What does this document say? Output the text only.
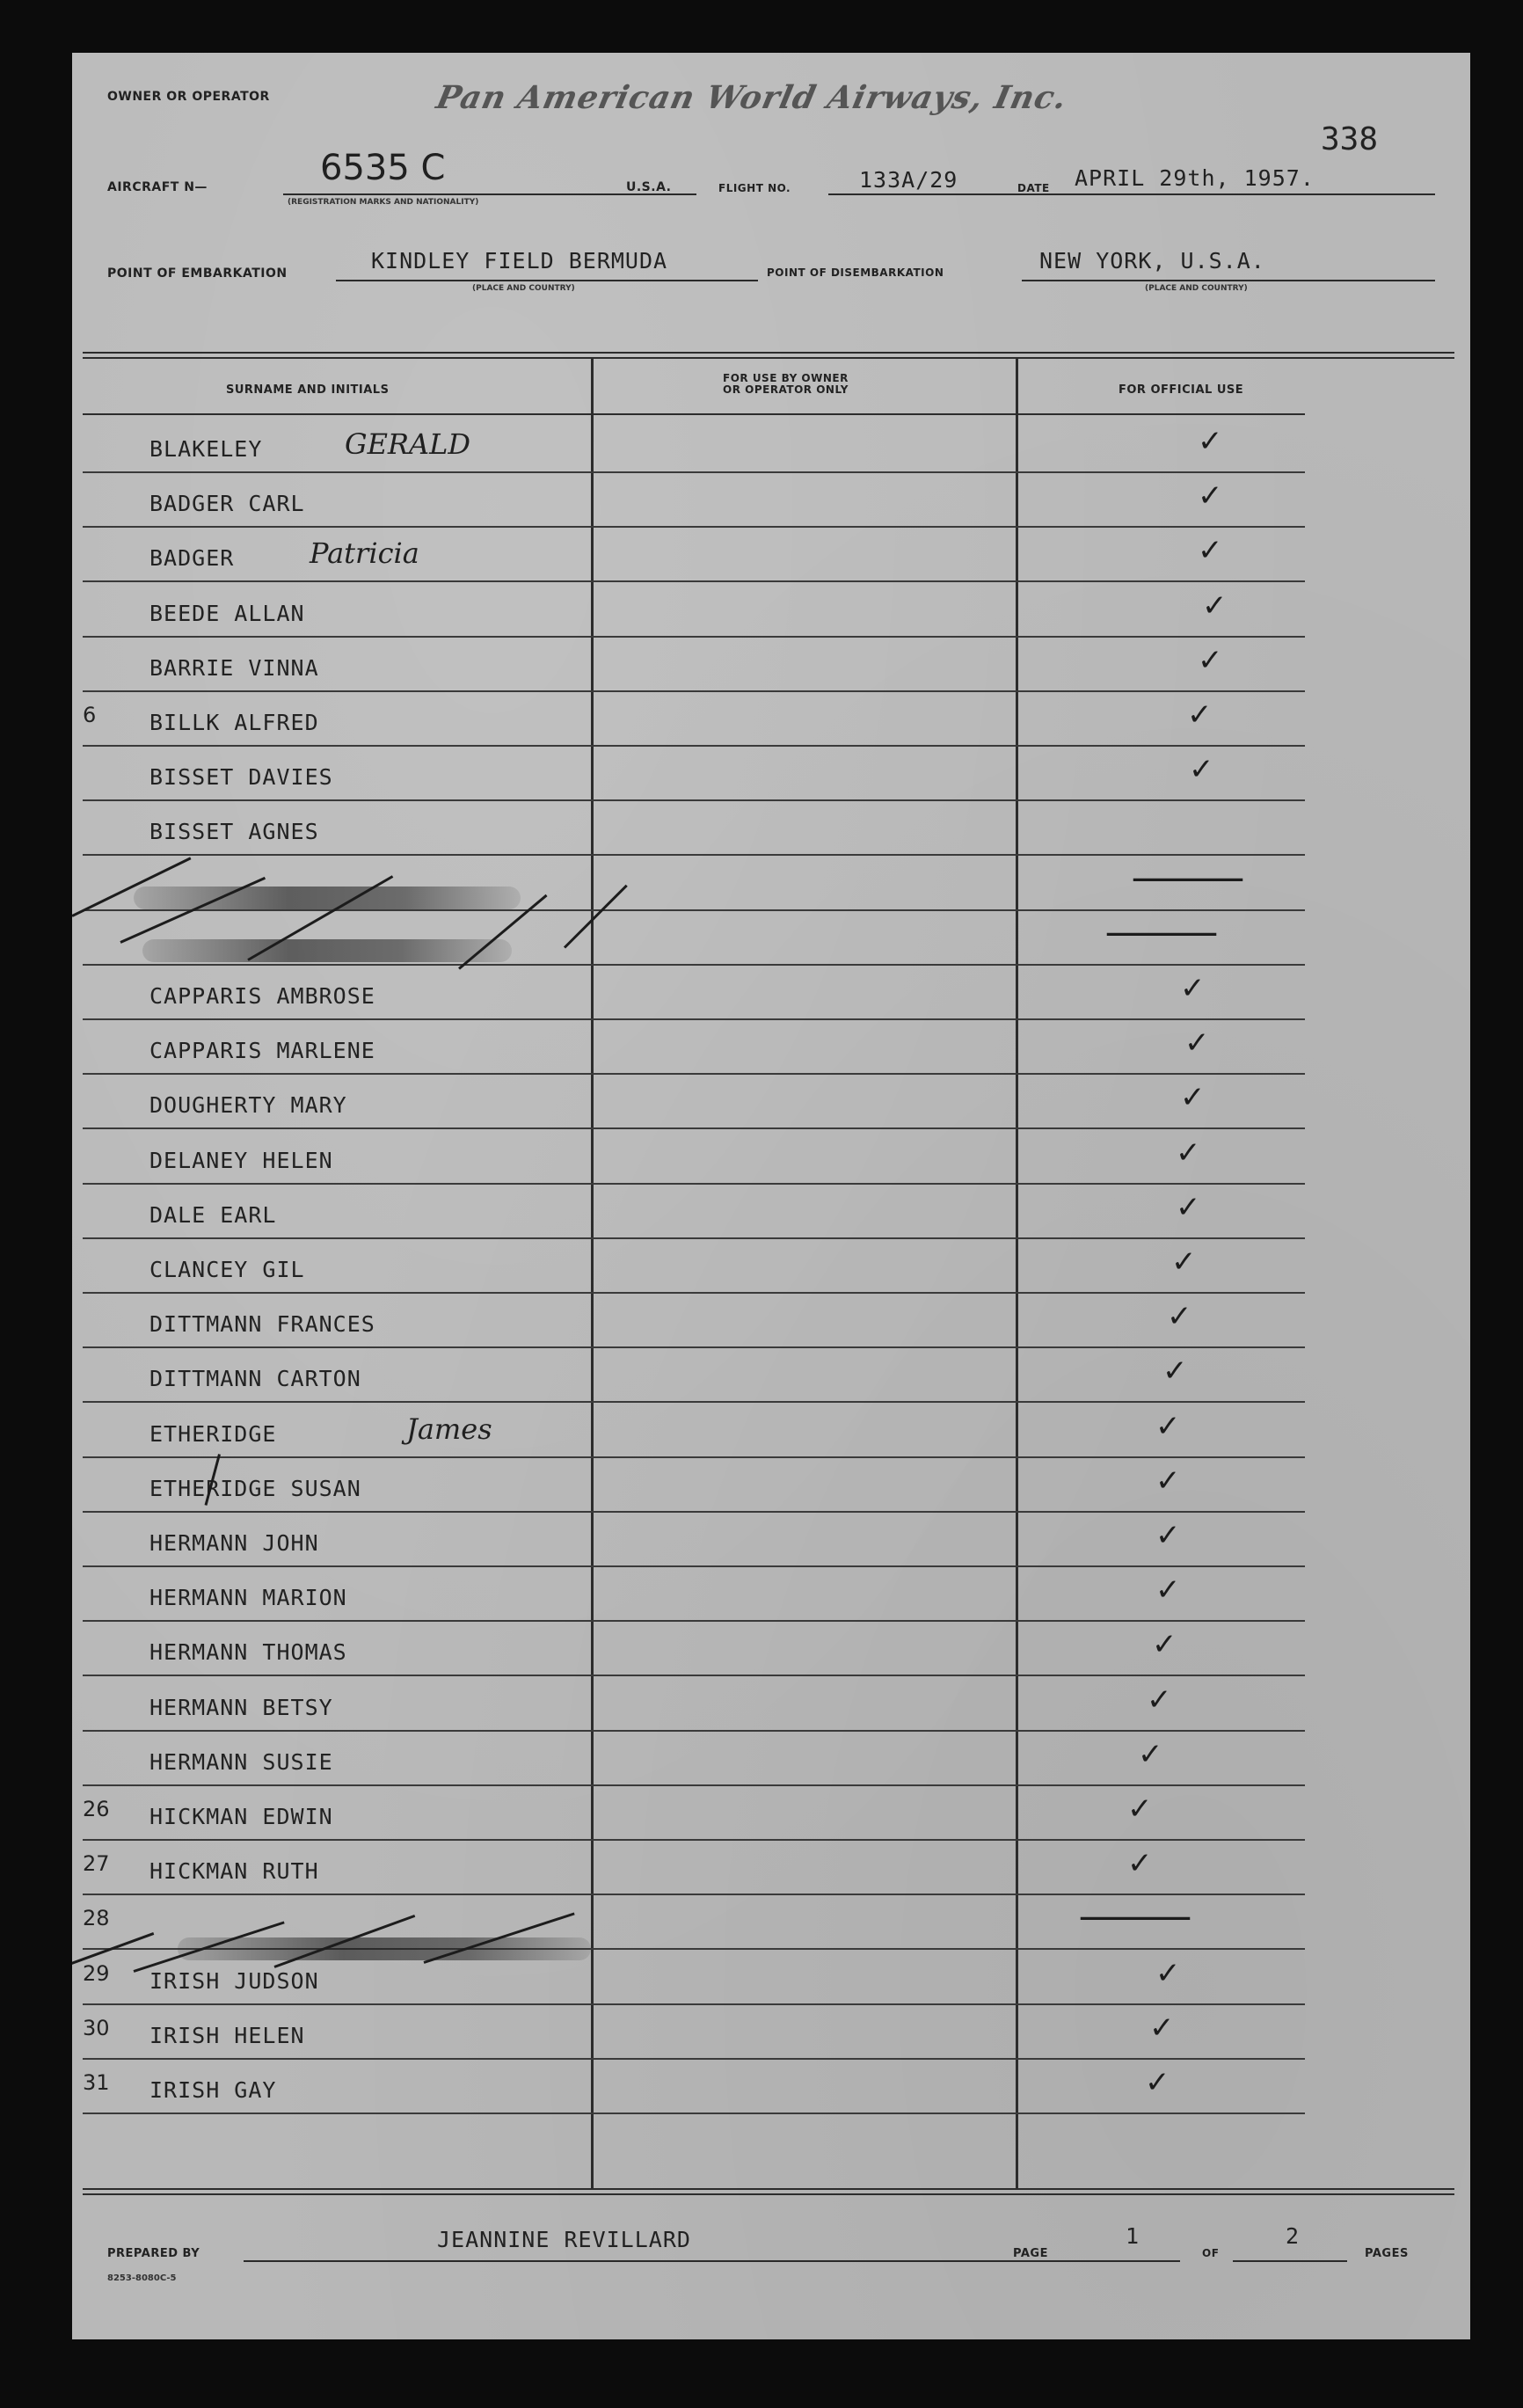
OWNER OR OPERATOR	Pan American World Airways, Inc.
338
AIRCRAFT N—	6535 C
(REGISTRATION MARKS AND NATIONALITY)
U.S.A.	FLIGHT NO.	133A/29	DATE APRIL 29th, 1957.
POINT OF EMBARKATION	KINDLEY FIELD BERMUDA
(PLACE AND COUNTRY)
POINT OF DISEMBARKATION	NEW YORK, U.S.A.
(PLACE AND COUNTRY)
SURNAME AND INITIALS
FOR USE BY OWNER
OR OPERATOR ONLY	FOR OFFICIAL USE
BLAKELEY	GERALD	✓
BADGER CARL	✓
BADGER	Patricia	✓
BEEDE ALLAN	✓
BARRIE VINNA	✓
6 BILLK ALFRED	✓
BISSET DAVIES	✓
BISSET AGNES
—
—
CAPPARIS AMBROSE	✓
CAPPARIS MARLENE	✓
DOUGHERTY MARY	✓
DELANEY HELEN	✓
DALE EARL	✓
CLANCEY GIL	✓
DITTMANN FRANCES	✓
DITTMANN CARTON	✓
ETHERIDGE	James	✓
ETHERIDGE SUSAN	✓
HERMANN JOHN	✓
HERMANN MARION	✓
HERMANN THOMAS	✓
HERMANN BETSY	✓
HERMANN SUSIE	✓
26 HICKMAN EDWIN	✓
27 HICKMAN RUTH	✓
28	—
29 IRISH JUDSON	✓
30 IRISH HELEN	✓
31 IRISH GAY	✓
PREPARED BY
JEANNINE REVILLARD
8253-8080C-5
PAGE
1
OF
2
PAGES
